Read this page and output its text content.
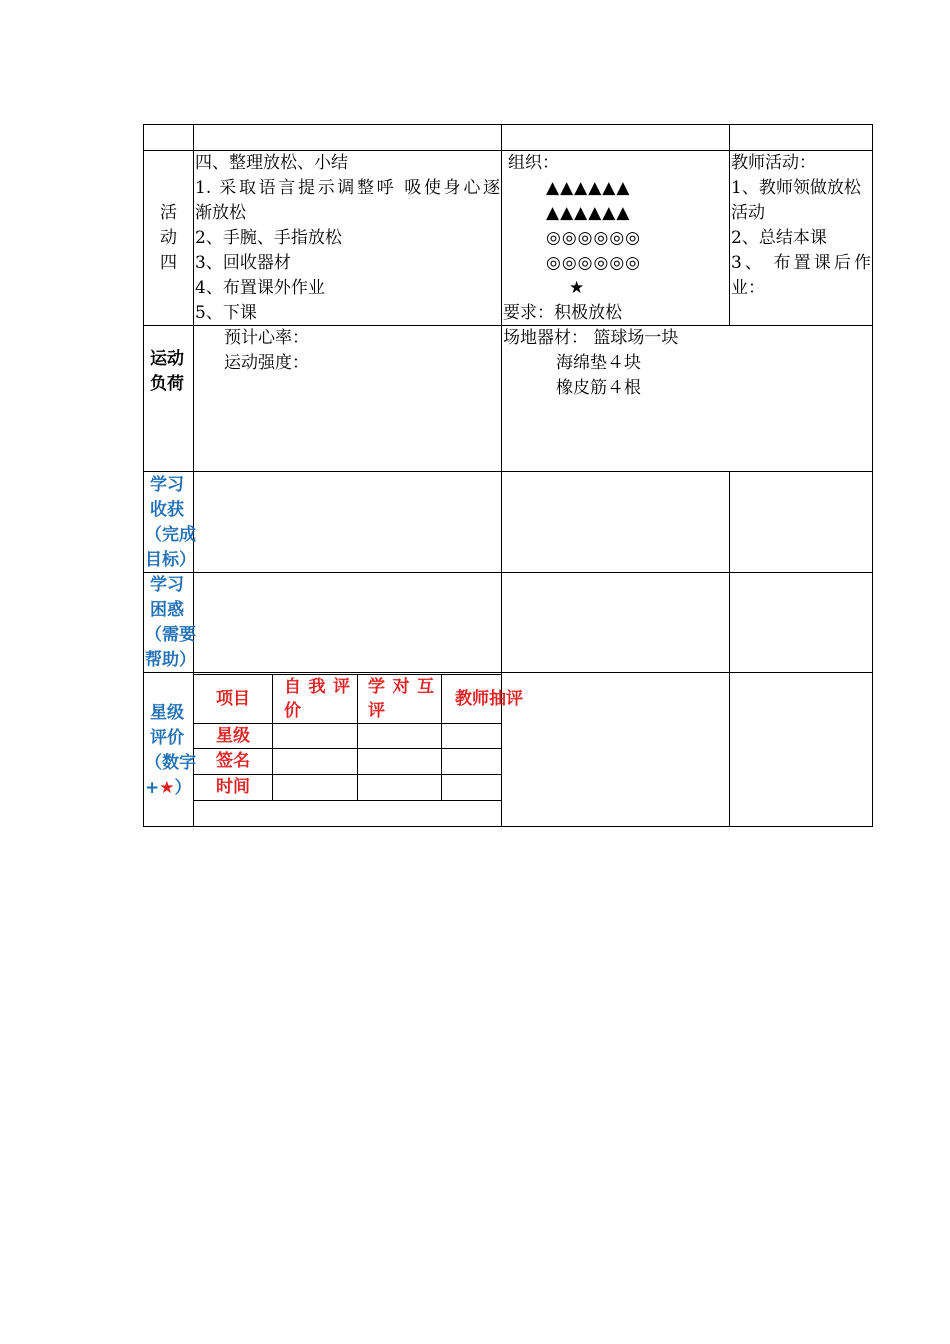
活
动
四
四、整理放松、小结
1. 采取语言提示调整呼 吸使身心逐
渐放松
2、手腕、手指放松
3、回收器材
4、布置课外作业
5、下课
组织：
▲▲▲▲▲▲
▲▲▲▲▲▲
◎◎◎◎◎◎
◎◎◎◎◎◎
★
要求：积极放松
教师活动：
1、教师领做放松
活动
2、总结本课
3、 布置课后作
业：
运动
负荷
预计心率：
运动强度：
场地器材： 篮球场一块
海绵垫４块
橡皮筋４根
学习
收获
（完成
目标）
学习
困惑
（需要
帮助）
星级
评价
（数字
+★）
项目
自 我 评
价
学 对 互
评
教师抽评
星级
签名
时间
